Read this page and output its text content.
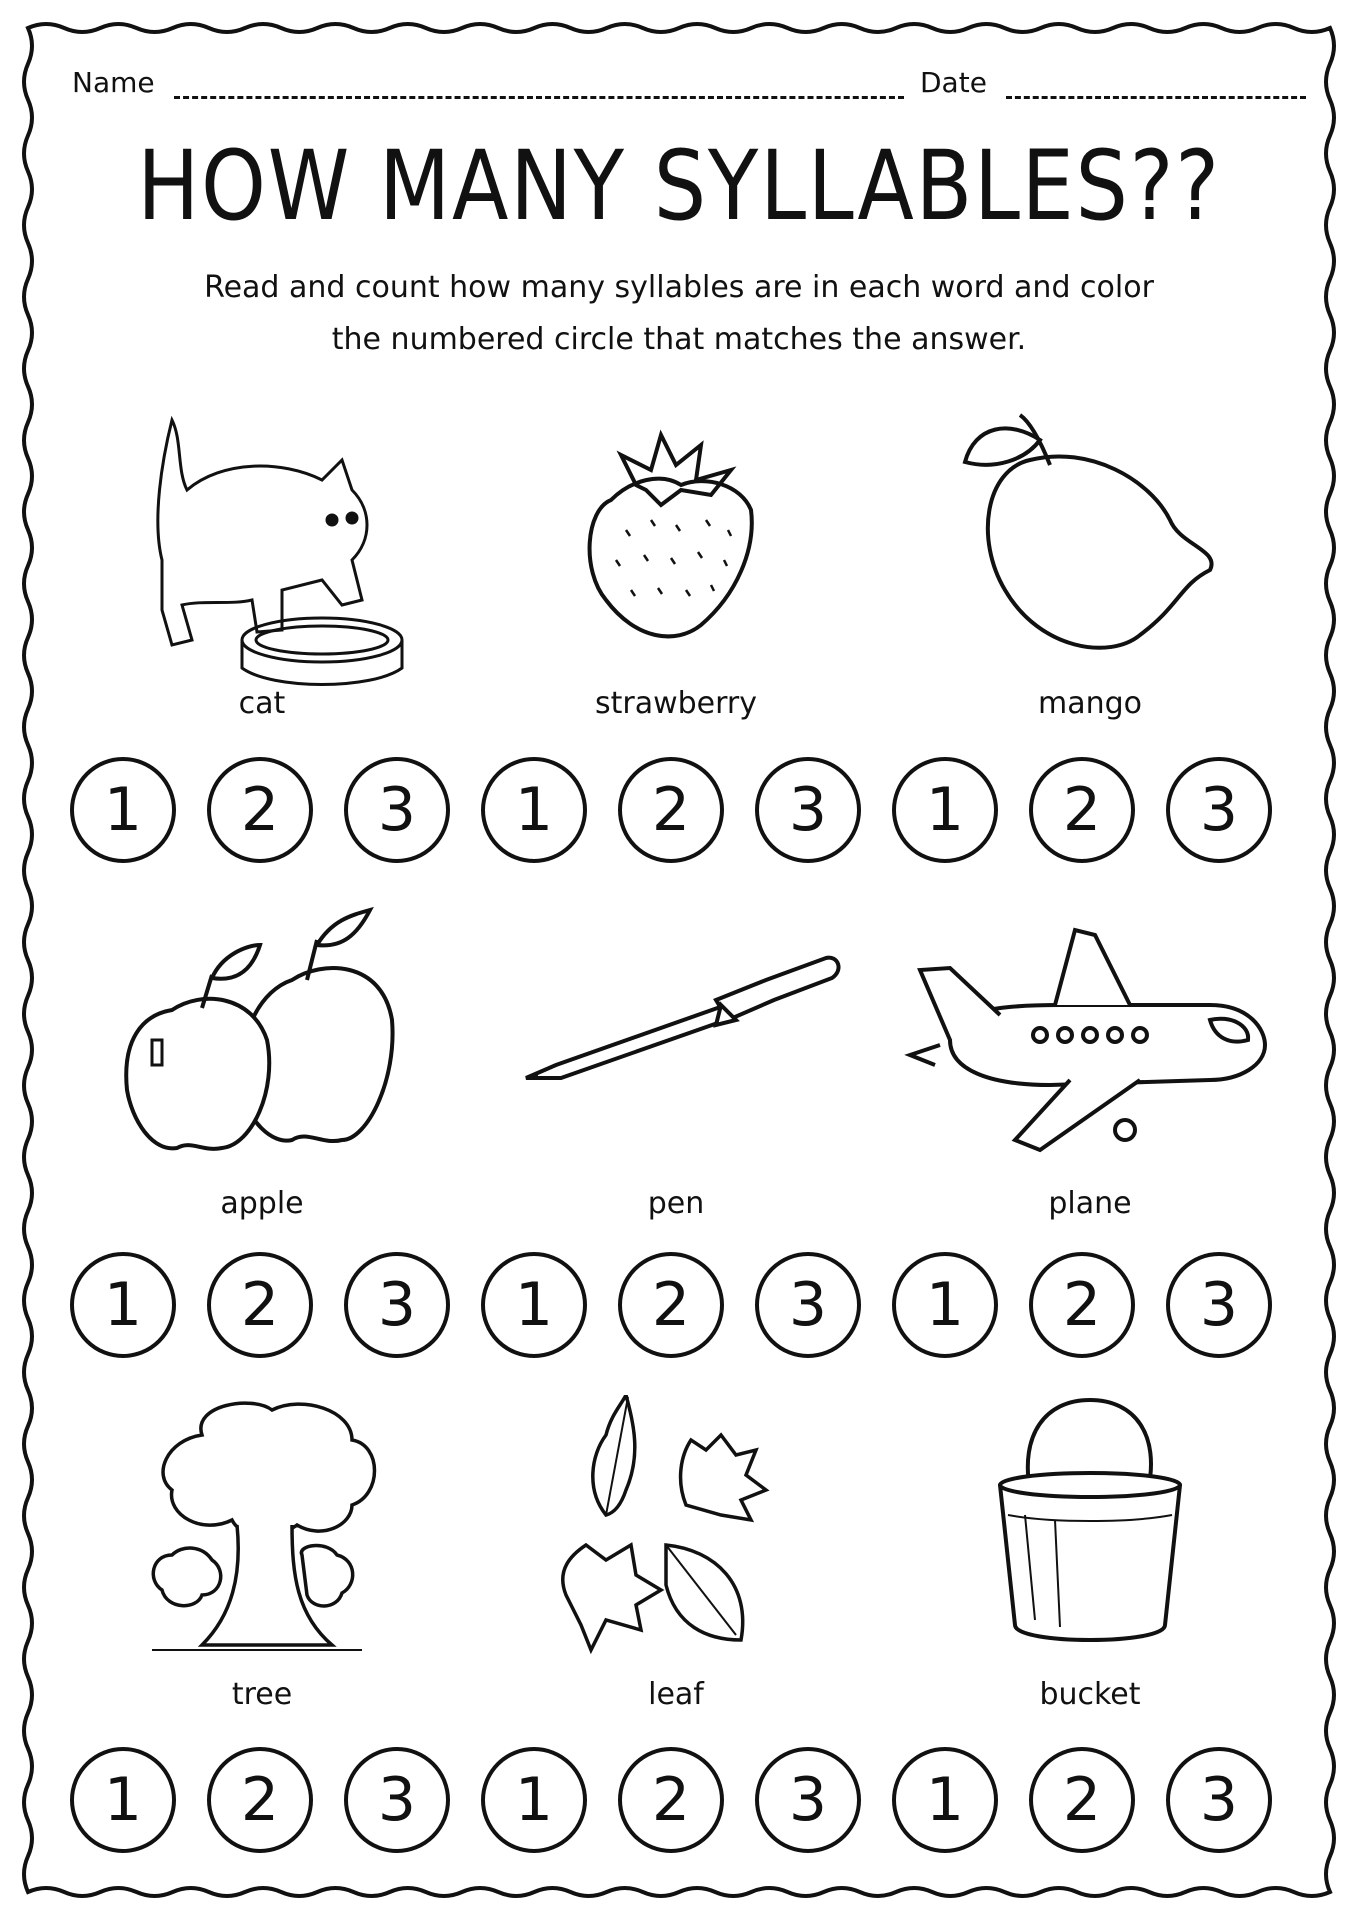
Name	Date
HOW MANY SYLLABLES??
Read and count how many syllables are in each word and color
the numbered circle that matches the answer.
cat	strawberry	mango
apple	pen	plane
tree	leaf	bucket
1	2	3	1	2	3	1	2	3
1	2	3	1	2	3	1	2	3
1	2	3	1	2	3	1	2	3
